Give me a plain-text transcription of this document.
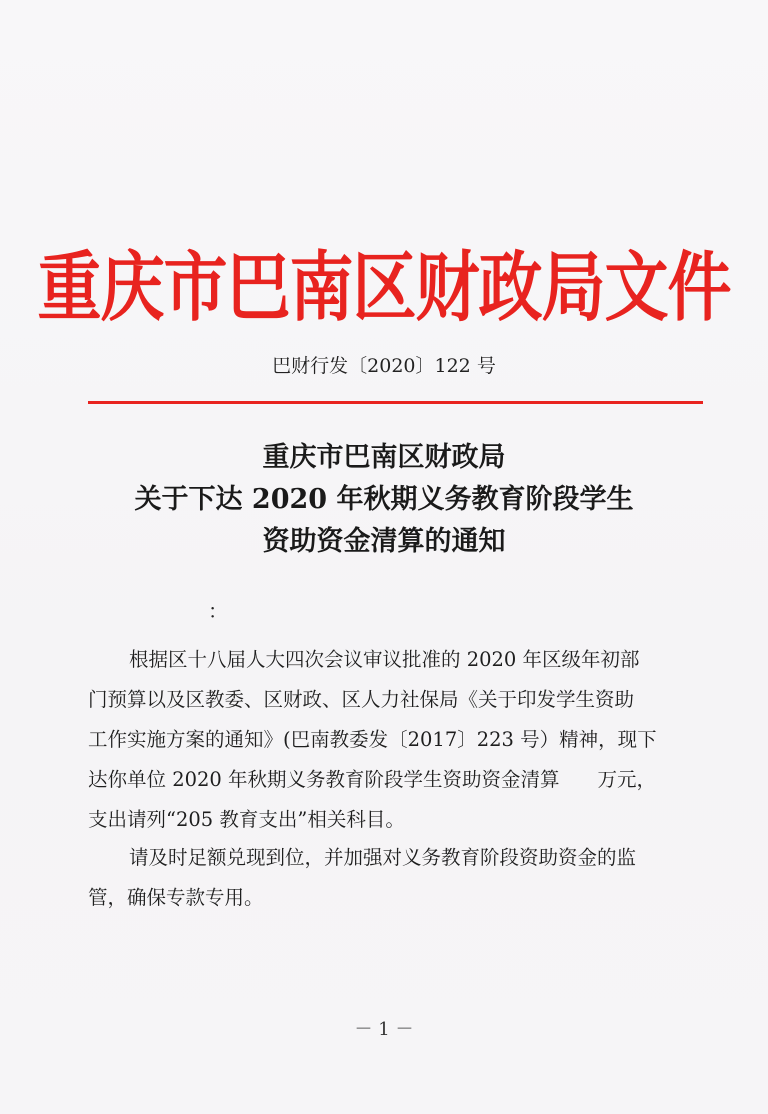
重庆市巴南区财政局文件
巴财行发〔2020〕122 号
重庆市巴南区财政局
关于下达 2020 年秋期义务教育阶段学生
资助资金清算的通知
：
根据区十八届人大四次会议审议批准的 2020 年区级年初部
门预算以及区教委、区财政、区人力社保局《关于印发学生资助
工作实施方案的通知》(巴南教委发〔2017〕223 号）精神，现下
达你单位 2020 年秋期义务教育阶段学生资助资金清算 万元，
支出请列“205 教育支出”相关科目。
请及时足额兑现到位，并加强对义务教育阶段资助资金的监
管，确保专款专用。
－ 1 －
